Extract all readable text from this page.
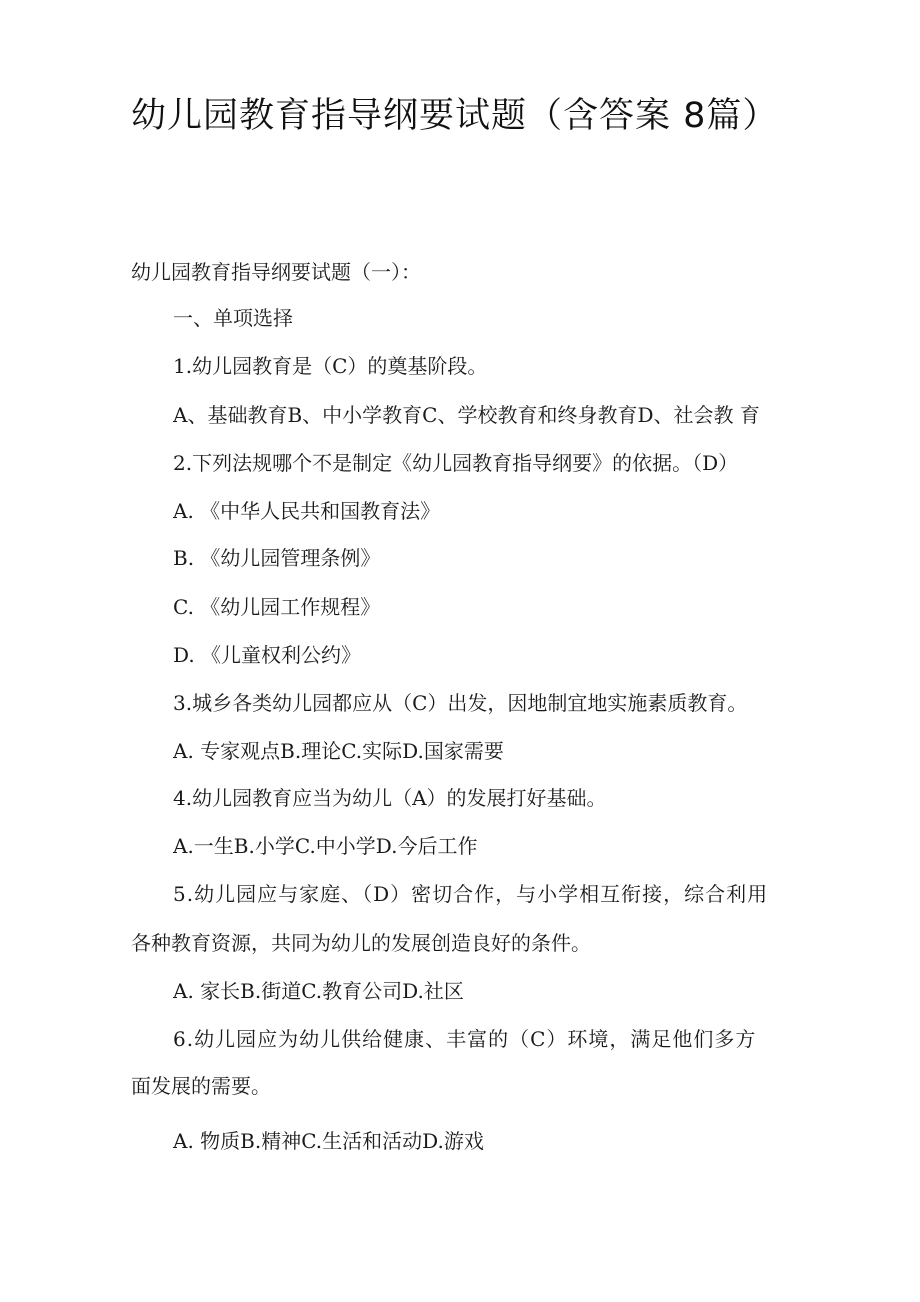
幼儿园教育指导纲要试题（含答案 8篇）

幼儿园教育指导纲要试题（一）：

一、单项选择

1.幼儿园教育是（C）的奠基阶段。

A、基础教育B、中小学教育C、学校教育和终身教育D、社会教 育

2.下列法规哪个不是制定《幼儿园教育指导纲要》的依据。（D）

A. 《中华人民共和国教育法》

B. 《幼儿园管理条例》

C. 《幼儿园工作规程》

D. 《儿童权利公约》

3.城乡各类幼儿园都应从（C）出发，因地制宜地实施素质教育。

A. 专家观点B.理论C.实际D.国家需要

4.幼儿园教育应当为幼儿（A）的发展打好基础。

A.一生B.小学C.中小学D.今后工作

5.幼儿园应与家庭、（D）密切合作，与小学相互衔接，综合利用

各种教育资源，共同为幼儿的发展创造良好的条件。

A. 家长B.街道C.教育公司D.社区

6.幼儿园应为幼儿供给健康、丰富的（C）环境，满足他们多方

面发展的需要。

A. 物质B.精神C.生活和活动D.游戏
